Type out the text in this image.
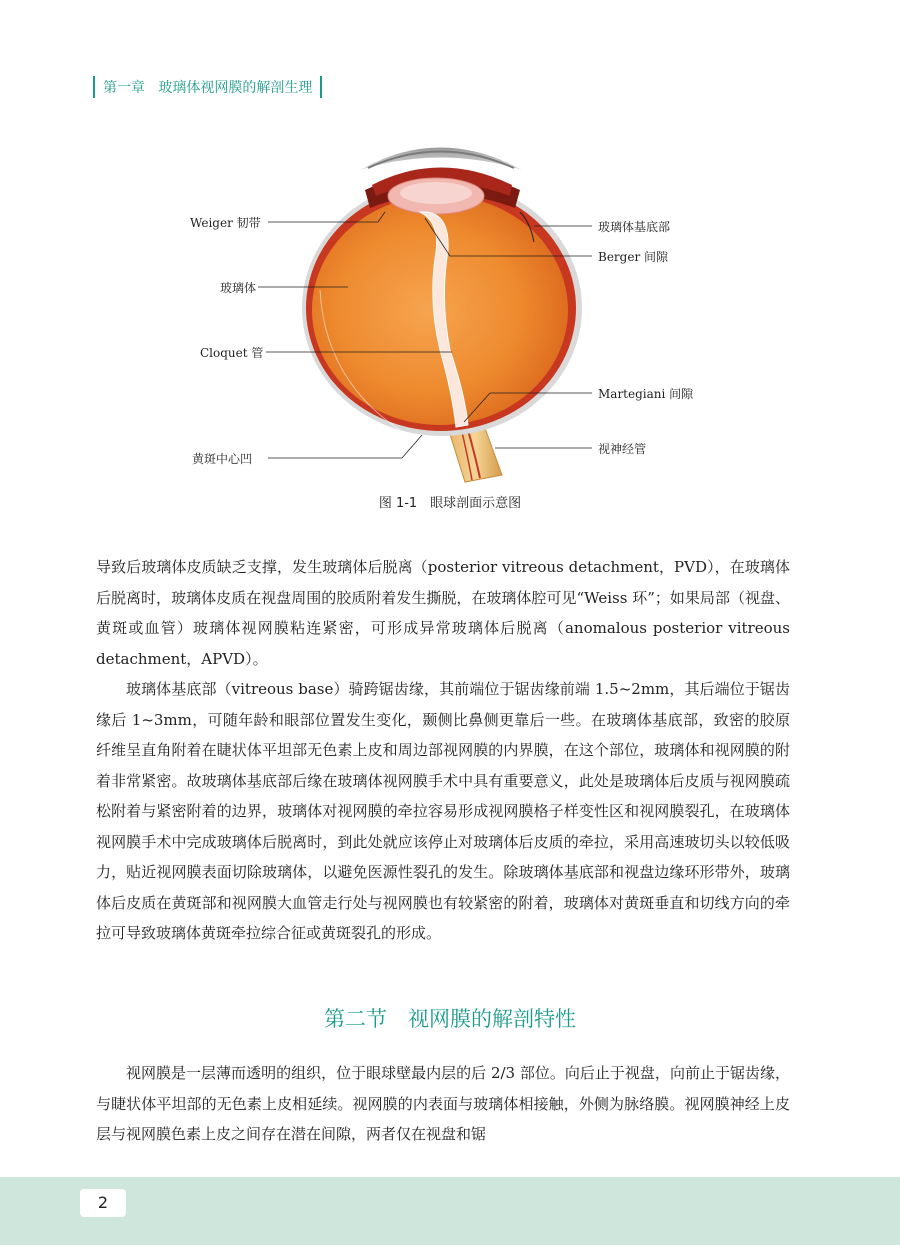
第一章
玻璃体视网膜的解剖生理
Weiger 韧带
玻璃体
Cloquet 管
黄斑中心凹
玻璃体基底部
Berger 间隙
Martegiani 间隙
视神经管
图 1-1　眼球剖面示意图

导致后玻璃体皮质缺乏支撑，发生玻璃体后脱离（posterior vitreous detachment，PVD），在玻璃体后脱离时，玻璃体皮质在视盘周围的胶质附着发生撕脱，在玻璃体腔可见“Weiss 环”；如果局部（视盘、黄斑或血管）玻璃体视网膜粘连紧密，可形成异常玻璃体后脱离（anomalous posterior vitreous detachment，APVD）。

玻璃体基底部（vitreous base）骑跨锯齿缘，其前端位于锯齿缘前端 1.5~2mm，其后端位于锯齿缘后 1~3mm，可随年龄和眼部位置发生变化，颞侧比鼻侧更靠后一些。在玻璃体基底部，致密的胶原纤维呈直角附着在睫状体平坦部无色素上皮和周边部视网膜的内界膜，在这个部位，玻璃体和视网膜的附着非常紧密。故玻璃体基底部后缘在玻璃体视网膜手术中具有重要意义，此处是玻璃体后皮质与视网膜疏松附着与紧密附着的边界，玻璃体对视网膜的牵拉容易形成视网膜格子样变性区和视网膜裂孔，在玻璃体视网膜手术中完成玻璃体后脱离时，到此处就应该停止对玻璃体后皮质的牵拉，采用高速玻切头以较低吸力，贴近视网膜表面切除玻璃体，以避免医源性裂孔的发生。除玻璃体基底部和视盘边缘环形带外，玻璃体后皮质在黄斑部和视网膜大血管走行处与视网膜也有较紧密的附着，玻璃体对黄斑垂直和切线方向的牵拉可导致玻璃体黄斑牵拉综合征或黄斑裂孔的形成。

第二节　视网膜的解剖特性

视网膜是一层薄而透明的组织，位于眼球壁最内层的后 2/3 部位。向后止于视盘，向前止于锯齿缘，与睫状体平坦部的无色素上皮相延续。视网膜的内表面与玻璃体相接触，外侧为脉络膜。视网膜神经上皮层与视网膜色素上皮之间存在潜在间隙，两者仅在视盘和锯

2
